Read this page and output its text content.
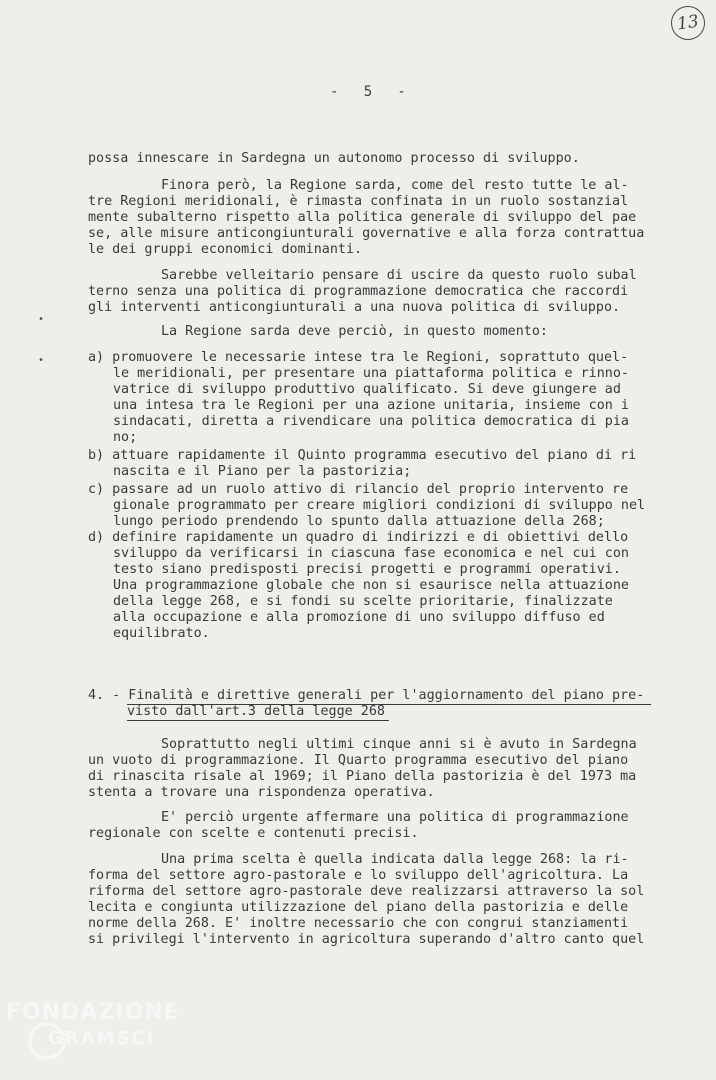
13
-   5   -
•
•
possa innescare in Sardegna un autonomo processo di sviluppo.
Finora però, la Regione sarda, come del resto tutte le al-
tre Regioni meridionali, è rimasta confinata in un ruolo sostanzial
mente subalterno rispetto alla politica generale di sviluppo del pae
se, alle misure anticongiunturali governative e alla forza contrattua
le dei gruppi economici dominanti.
Sarebbe velleitario pensare di uscire da questo ruolo subal
terno senza una politica di programmazione democratica che raccordi
gli interventi anticongiunturali a una nuova politica di sviluppo.
La Regione sarda deve perciò, in questo momento:
a) promuovere le necessarie intese tra le Regioni, soprattuto quel-
le meridionali, per presentare una piattaforma politica e rinno-
vatrice di sviluppo produttivo qualificato. Si deve giungere ad
una intesa tra le Regioni per una azione unitaria, insieme con i
sindacati, diretta a rivendicare una politica democratica di pia
no;
b) attuare rapidamente il Quinto programma esecutivo del piano di ri
nascita e il Piano per la pastorizia;
c) passare ad un ruolo attivo di rilancio del proprio intervento re
gionale programmato per creare migliori condizioni di sviluppo nel
lungo periodo prendendo lo spunto dalla attuazione della 268;
d) definire rapidamente un quadro di indirizzi e di obiettivi dello
sviluppo da verificarsi in ciascuna fase economica e nel cui con
testo siano predisposti precisi progetti e programmi operativi.
Una programmazione globale che non si esaurisce nella attuazione
della legge 268, e si fondi su scelte prioritarie, finalizzate
alla occupazione e alla promozione di uno sviluppo diffuso ed
equilibrato.
4. - Finalità e direttive generali per l'aggiornamento del piano pre-
visto dall'art.3 della legge 268
Soprattutto negli ultimi cinque anni si è avuto in Sardegna
un vuoto di programmazione. Il Quarto programma esecutivo del piano
di rinascita risale al 1969; il Piano della pastorizia è del 1973 ma
stenta a trovare una rispondenza operativa.
E' perciò urgente affermare una politica di programmazione
regionale con scelte e contenuti precisi.
Una prima scelta è quella indicata dalla legge 268: la ri-
forma del settore agro-pastorale e lo sviluppo dell'agricoltura. La
riforma del settore agro-pastorale deve realizzarsi attraverso la sol
lecita e congiunta utilizzazione del piano della pastorizia e delle
norme della 268. E' inoltre necessario che con congrui stanziamenti
si privilegi l'intervento in agricoltura superando d'altro canto quel
FONDAZIONE
GRAMSCI
